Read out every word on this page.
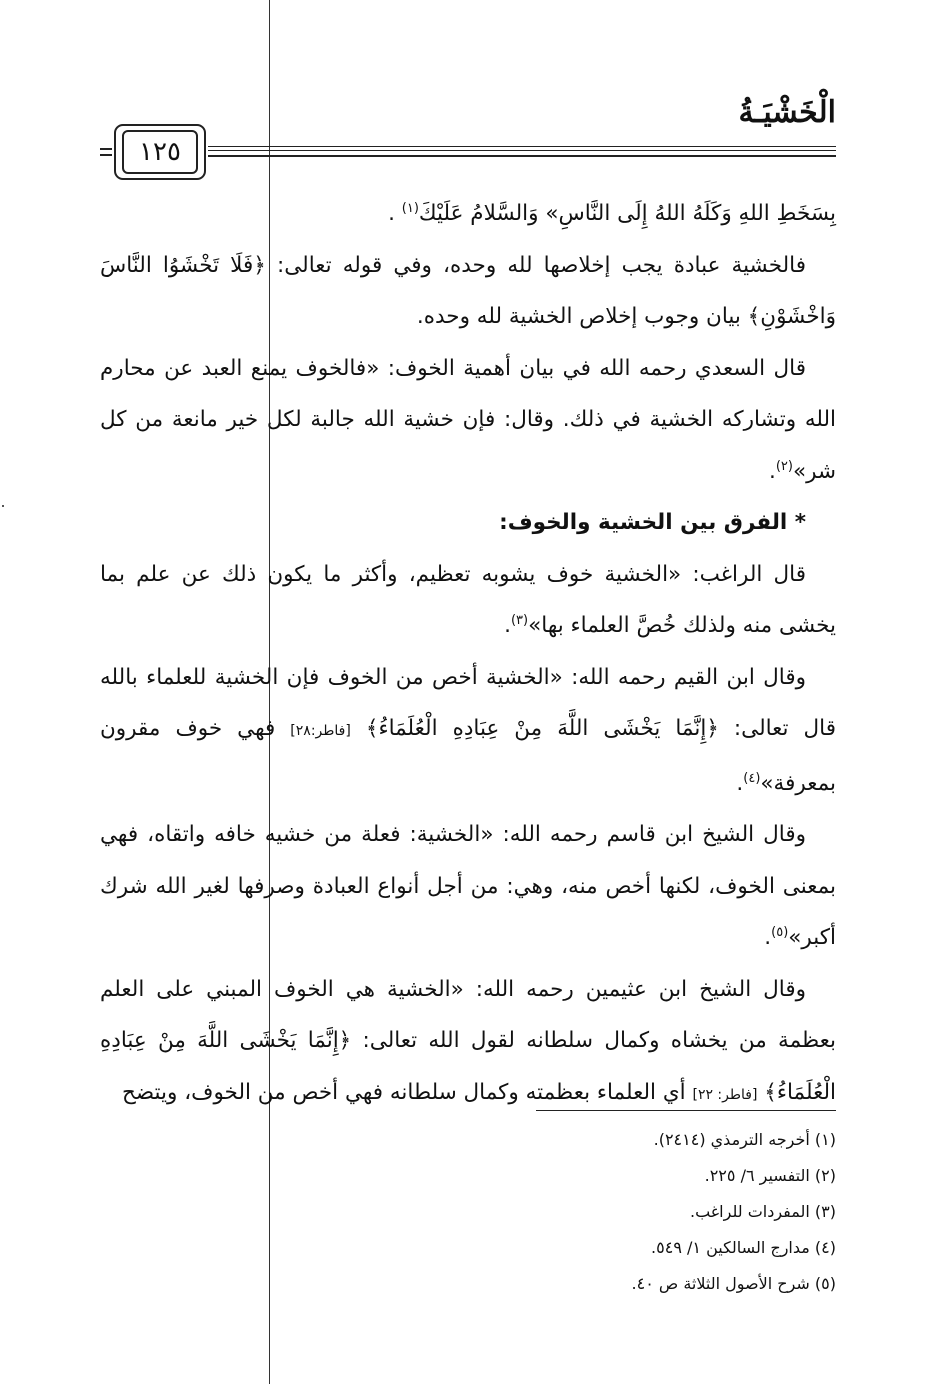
الْخَشْيَـةُ
١٢٥

بِسَخَطِ اللهِ وَكَلَهُ اللهُ إِلَى النَّاسِ» وَالسَّلامُ عَلَيْكَ$^{(١)}$ .

فالخشية عبادة يجب إخلاصها لله وحده، وفي قوله تعالى: ﴿فَلَا تَخْشَوُا النَّاسَ وَاخْشَوْنِ﴾ بيان وجوب إخلاص الخشية لله وحده.

قال السعدي رحمه الله في بيان أهمية الخوف: «فالخوف يمنع العبد عن محارم الله وتشاركه الخشية في ذلك. وقال: فإن خشية الله جالبة لكل خير مانعة من كل شر»$^{(٢)}$.

* الفرق بين الخشية والخوف:

قال الراغب: «الخشية خوف يشوبه تعظيم، وأكثر ما يكون ذلك عن علم بما يخشى منه ولذلك خُصَّ العلماء بها»$^{(٣)}$.

وقال ابن القيم رحمه الله: «الخشية أخص من الخوف فإن الخشية للعلماء بالله قال تعالى: ﴿إِنَّمَا يَخْشَى اللَّهَ مِنْ عِبَادِهِ الْعُلَمَاءُ﴾ [فاطر:٢٨] فهي خوف مقرون بمعرفة»$^{(٤)}$.

وقال الشيخ ابن قاسم رحمه الله: «الخشية: فعلة من خشيه خافه واتقاه، فهي بمعنى الخوف، لكنها أخص منه، وهي: من أجل أنواع العبادة وصرفها لغير الله شرك أكبر»$^{(٥)}$.

وقال الشيخ ابن عثيمين رحمه الله: «الخشية هي الخوف المبني على العلم بعظمة من يخشاه وكمال سلطانه لقول الله تعالى: ﴿إِنَّمَا يَخْشَى اللَّهَ مِنْ عِبَادِهِ الْعُلَمَاءُ﴾ [فاطر: ٢٢] أي العلماء بعظمته وكمال سلطانه فهي أخص من الخوف، ويتضح

(١) أخرجه الترمذي (٢٤١٤).
(٢) التفسير ٦/ ٢٢٥.
(٣) المفردات للراغب.
(٤) مدارج السالكين ١/ ٥٤٩.
(٥) شرح الأصول الثلاثة ص ٤٠.
